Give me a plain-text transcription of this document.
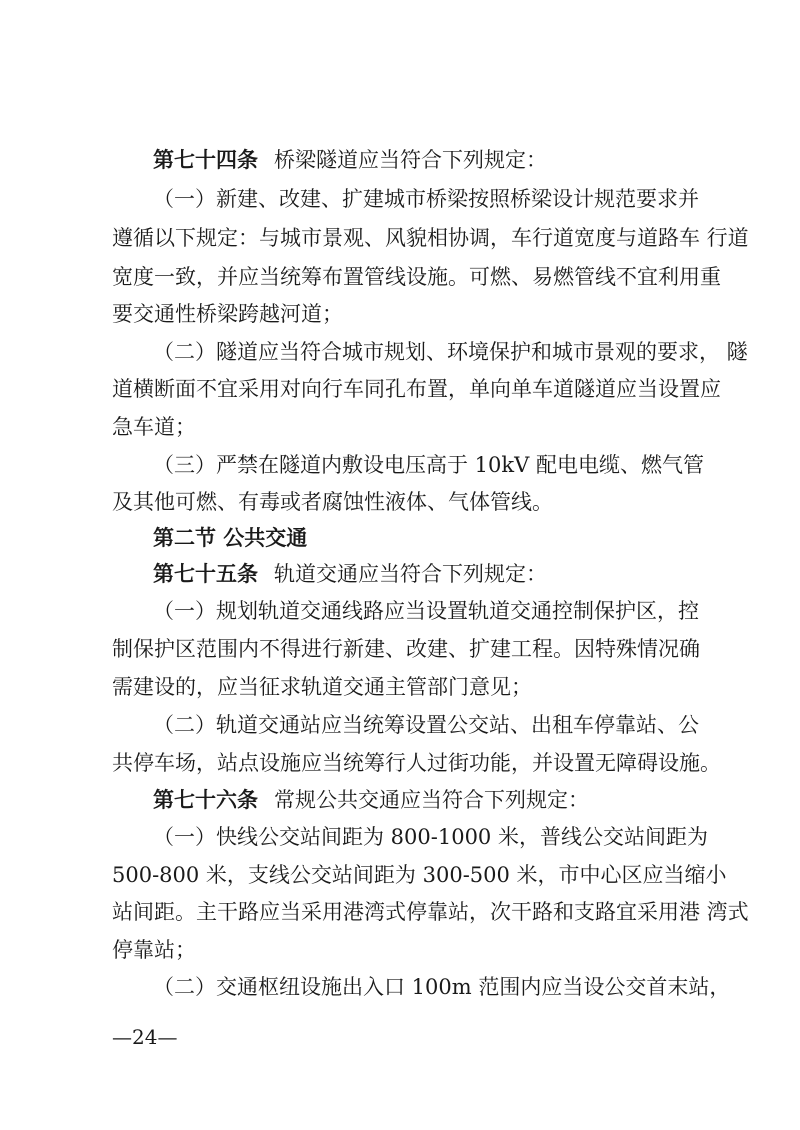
第七十四条 桥梁隧道应当符合下列规定：
（一）新建、改建、扩建城市桥梁按照桥梁设计规范要求并
遵循以下规定：与城市景观、风貌相协调，车行道宽度与道路车 行道
宽度一致，并应当统筹布置管线设施。可燃、易燃管线不宜利用重
要交通性桥梁跨越河道；
（二）隧道应当符合城市规划、环境保护和城市景观的要求， 隧
道横断面不宜采用对向行车同孔布置，单向单车道隧道应当设置应
急车道；
（三）严禁在隧道内敷设电压高于 10kV 配电电缆、燃气管
及其他可燃、有毒或者腐蚀性液体、气体管线。
第二节 公共交通
第七十五条 轨道交通应当符合下列规定：
（一）规划轨道交通线路应当设置轨道交通控制保护区，控
制保护区范围内不得进行新建、改建、扩建工程。因特殊情况确
需建设的，应当征求轨道交通主管部门意见；
（二）轨道交通站应当统筹设置公交站、出租车停靠站、公
共停车场，站点设施应当统筹行人过街功能，并设置无障碍设施。
第七十六条 常规公共交通应当符合下列规定：
（一）快线公交站间距为 800-1000 米，普线公交站间距为
500-800 米，支线公交站间距为 300-500 米，市中心区应当缩小
站间距。主干路应当采用港湾式停靠站，次干路和支路宜采用港 湾式
停靠站；
（二）交通枢纽设施出入口 100m 范围内应当设公交首末站，
—24—
